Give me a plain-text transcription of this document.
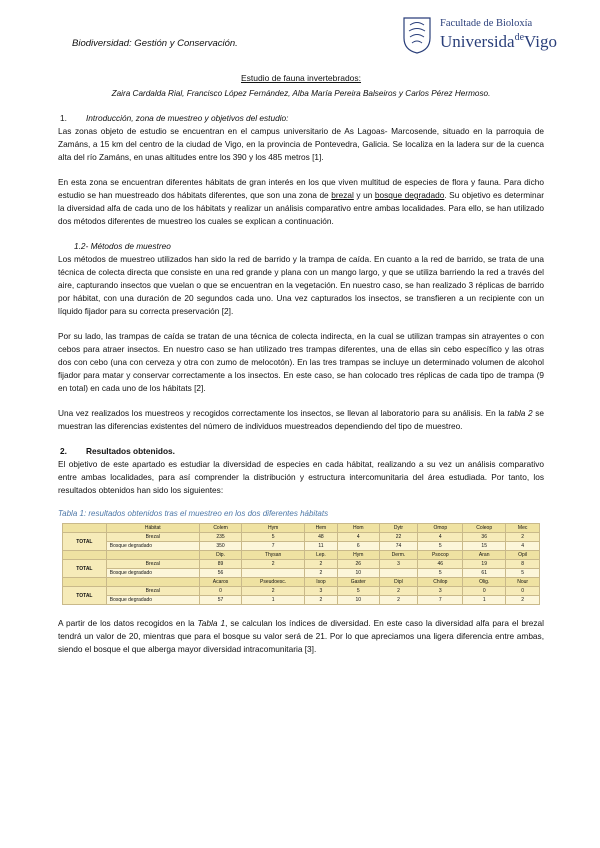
Biodiversidad: Gestión y Conservación.
Facultade de Bioloxía
Universida$^{de}$Vigo

Estudio de fauna invertebrados:

Zaira Cardalda Rial, Francisco López Fernández, Alba María Pereira Balseiros y Carlos Pérez Hermoso.

1. Introducción, zona de muestreo y objetivos del estudio:

Las zonas objeto de estudio se encuentran en el campus universitario de As Lagoas- Marcosende, situado en la parroquia de Zamáns, a 15 km del centro de la ciudad de Vigo, en la provincia de Pontevedra, Galicia. Se localiza en la ladera sur de la cuenca alta del río Zamáns, en unas altitudes entre los 390 y los 485 metros [1].

En esta zona se encuentran diferentes hábitats de gran interés en los que viven multitud de especies de flora y fauna. Para dicho estudio se han muestreado dos hábitats diferentes, que son una zona de brezal y un bosque degradado. Su objetivo es determinar la diversidad alfa de cada uno de los hábitats y realizar un análisis comparativo entre ambas localidades. Para ello, se han utilizado dos métodos diferentes de muestreo los cuales se explican a continuación.

1.2- Métodos de muestreo

Los métodos de muestreo utilizados han sido la red de barrido y la trampa de caída. En cuanto a la red de barrido, se trata de una técnica de colecta directa que consiste en una red grande y plana con un mango largo, y que se utiliza barriendo la red a través del aire, capturando insectos que vuelan o que se encuentran en la vegetación. En nuestro caso, se han realizado 3 réplicas de barrido por hábitat, con una duración de 20 segundos cada uno. Una vez capturados los insectos, se transfieren a un recipiente con un líquido fijador para su correcta preservación [2].

Por su lado, las trampas de caída se tratan de una técnica de colecta indirecta, en la cual se utilizan trampas sin atrayentes o con cebos para atraer insectos. En nuestro caso se han utilizado tres trampas diferentes, una de ellas sin cebo específico y las otras dos con cebo (una con cerveza y otra con zumo de melocotón). En las tres trampas se incluye un determinado volumen de alcohol fijador para matar y conservar correctamente a los insectos. En este caso, se han colocado tres réplicas de cada tipo de trampa (9 en total) en cada uno de los hábitats [2].

Una vez realizados los muestreos y recogidos correctamente los insectos, se llevan al laboratorio para su análisis. En la tabla 2 se muestran las diferencias existentes del número de individuos muestreados dependiendo del tipo de muestreo.

2. Resultados obtenidos.

El objetivo de este apartado es estudiar la diversidad de especies en cada hábitat, realizando a su vez un análisis comparativo entre ambas localidades, para así comprender la distribución y estructura intercomunitaria del área estudiada. Por tanto, los resultados obtenidos han sido los siguientes:

Tabla 1: resultados obtenidos tras el muestreo en los dos diferentes hábitats
	Hábitat	Colem	Hym	Hem	Hom	Dytr	Omop	Coleop	Mec
TOTAL	Brezal	235	5	48	4	22	4	36	2
	Bosque degradado	350	7	11	6	74	5	15	4
		Dip.	Thysan	Lep.	Hym	Derm.	Psocop	Aran	Opil
TOTAL	Brezal	89	2	2	26	3	46	19	8
	Bosque degradado	56		2	10		5	61	5
		Acaros	Pseudoesc.	Isop	Gaster	Dipl	Chilop	Olig.	Nour
TOTAL	Brezal	0	2	3	5	2	3	0	0
	Bosque degradado	57	1	2	10	2	7	1	2

A partir de los datos recogidos en la Tabla 1, se calculan los índices de diversidad. En este caso la diversidad alfa para el brezal tendrá un valor de 20, mientras que para el bosque su valor será de 21. Por lo que apreciamos una ligera diferencia entre ambas, siendo el bosque el que alberga mayor diversidad intracomunitaria [3].
